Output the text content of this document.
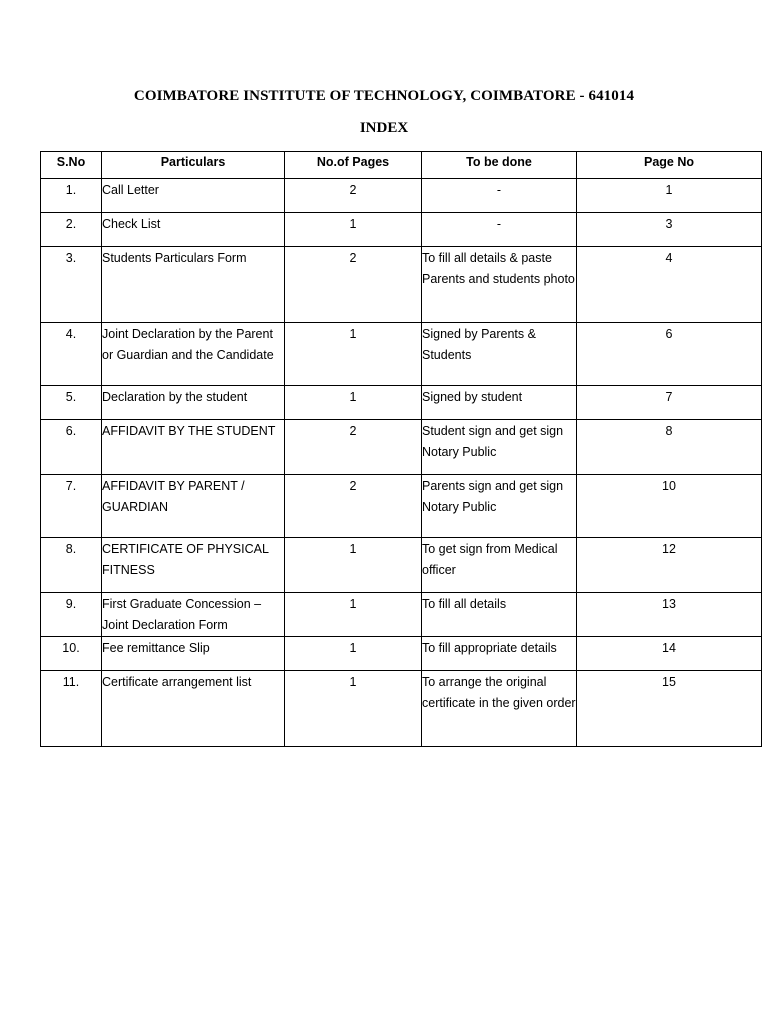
COIMBATORE INSTITUTE OF TECHNOLOGY, COIMBATORE - 641014
INDEX
S.No	Particulars	No.of Pages	To be done	Page No
1.	Call Letter	2	-	1
2.	Check List	1	-	3
3.	Students Particulars Form	2	To fill all details & paste Parents and students photo	4
4.	Joint Declaration by the Parent or Guardian and the Candidate	1	Signed by Parents & Students	6
5.	Declaration by the student	1	Signed by student	7
6.	AFFIDAVIT BY THE STUDENT	2	Student sign and get sign Notary Public	8
7.	AFFIDAVIT BY PARENT / GUARDIAN	2	Parents sign and get sign Notary Public	10
8.	CERTIFICATE OF PHYSICAL FITNESS	1	To get sign from Medical officer	12
9.	First Graduate Concession – Joint Declaration Form	1	To fill all details	13
10.	Fee remittance Slip	1	To fill appropriate details	14
11.	Certificate arrangement list	1	To arrange the original certificate in the given order	15
